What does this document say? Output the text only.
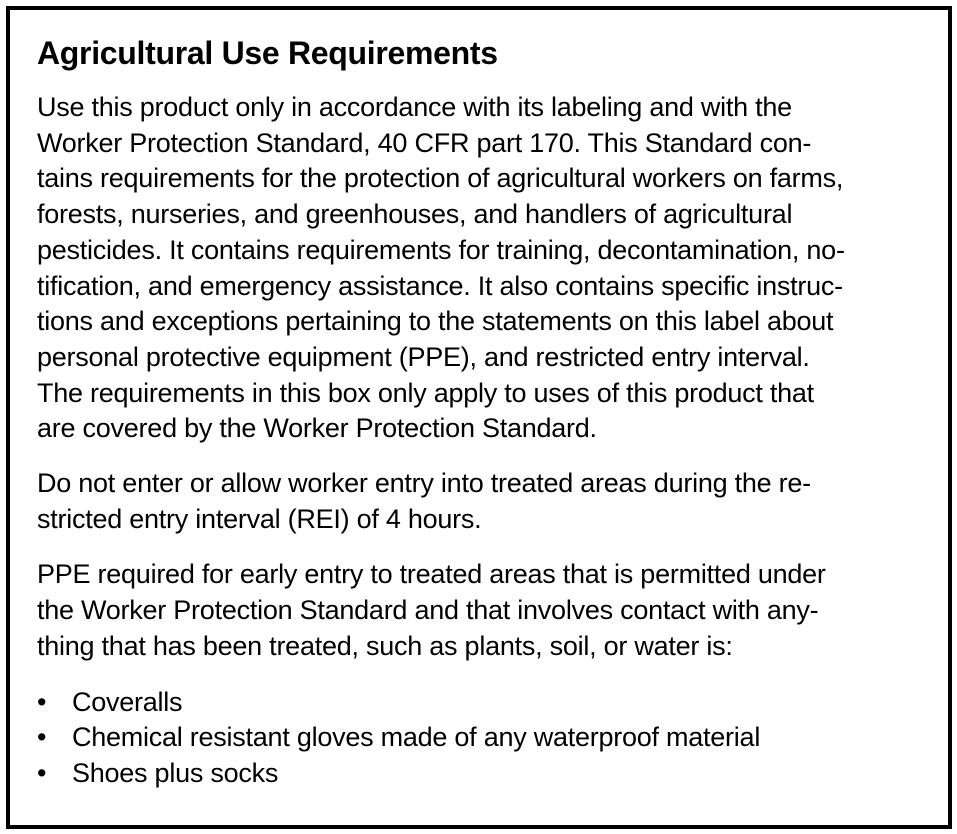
Agricultural Use Requirements

Use this product only in accordance with its labeling and with the
Worker Protection Standard, 40 CFR part 170. This Standard con-
tains requirements for the protection of agricultural workers on farms,
forests, nurseries, and greenhouses, and handlers of agricultural
pesticides. It contains requirements for training, decontamination, no-
tification, and emergency assistance. It also contains specific instruc-
tions and exceptions pertaining to the statements on this label about
personal protective equipment (PPE), and restricted entry interval.
The requirements in this box only apply to uses of this product that
are covered by the Worker Protection Standard.

Do not enter or allow worker entry into treated areas during the re-
stricted entry interval (REI) of 4 hours.

PPE required for early entry to treated areas that is permitted under
the Worker Protection Standard and that involves contact with any-
thing that has been treated, such as plants, soil, or water is:

• Coveralls
• Chemical resistant gloves made of any waterproof material
• Shoes plus socks
